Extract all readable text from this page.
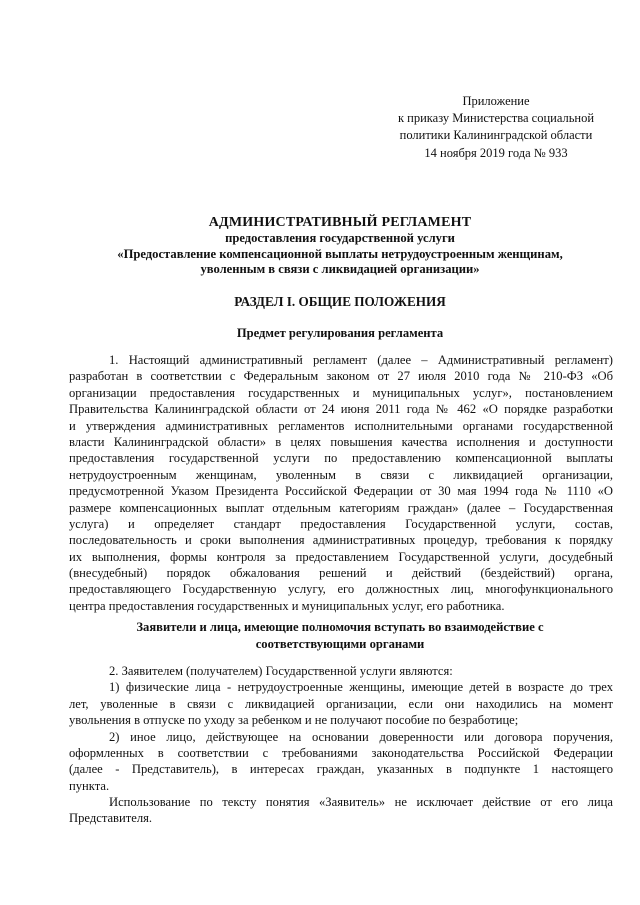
Приложение
к приказу Министерства социальной
политики Калининградской области
14 ноября 2019 года № 933
АДМИНИСТРАТИВНЫЙ РЕГЛАМЕНТ
предоставления государственной услуги
«Предоставление компенсационной выплаты нетрудоустроенным женщинам,
уволенным в связи с ликвидацией организации»
РАЗДЕЛ I. ОБЩИЕ ПОЛОЖЕНИЯ
Предмет регулирования регламента
1. Настоящий административный регламент (далее – Административный регламент)
разработан в соответствии с Федеральным законом от 27 июля 2010 года № 210-ФЗ «Об
организации предоставления государственных и муниципальных услуг», постановлением
Правительства Калининградской области от 24 июня 2011 года № 462 «О порядке разработки
и утверждения административных регламентов исполнительными органами государственной
власти Калининградской области» в целях повышения качества исполнения и доступности
предоставления государственной услуги по предоставлению компенсационной выплаты
нетрудоустроенным женщинам, уволенным в связи с ликвидацией организации,
предусмотренной Указом Президента Российской Федерации от 30 мая 1994 года № 1110 «О
размере компенсационных выплат отдельным категориям граждан» (далее – Государственная
услуга) и определяет стандарт предоставления Государственной услуги, состав,
последовательность и сроки выполнения административных процедур, требования к порядку
их выполнения, формы контроля за предоставлением Государственной услуги, досудебный
(внесудебный) порядок обжалования решений и действий (бездействий) органа,
предоставляющего Государственную услугу, его должностных лиц, многофункционального
центра предоставления государственных и муниципальных услуг, его работника.
Заявители и лица, имеющие полномочия вступать во взаимодействие с
соответствующими органами
2. Заявителем (получателем) Государственной услуги являются:
1) физические лица - нетрудоустроенные женщины, имеющие детей в возрасте до трех
лет, уволенные в связи с ликвидацией организации, если они находились на момент
увольнения в отпуске по уходу за ребенком и не получают пособие по безработице;
2) иное лицо, действующее на основании доверенности или договора поручения,
оформленных в соответствии с требованиями законодательства Российской Федерации
(далее - Представитель), в интересах граждан, указанных в подпункте 1 настоящего
пункта.
Использование по тексту понятия «Заявитель» не исключает действие от его лица
Представителя.
